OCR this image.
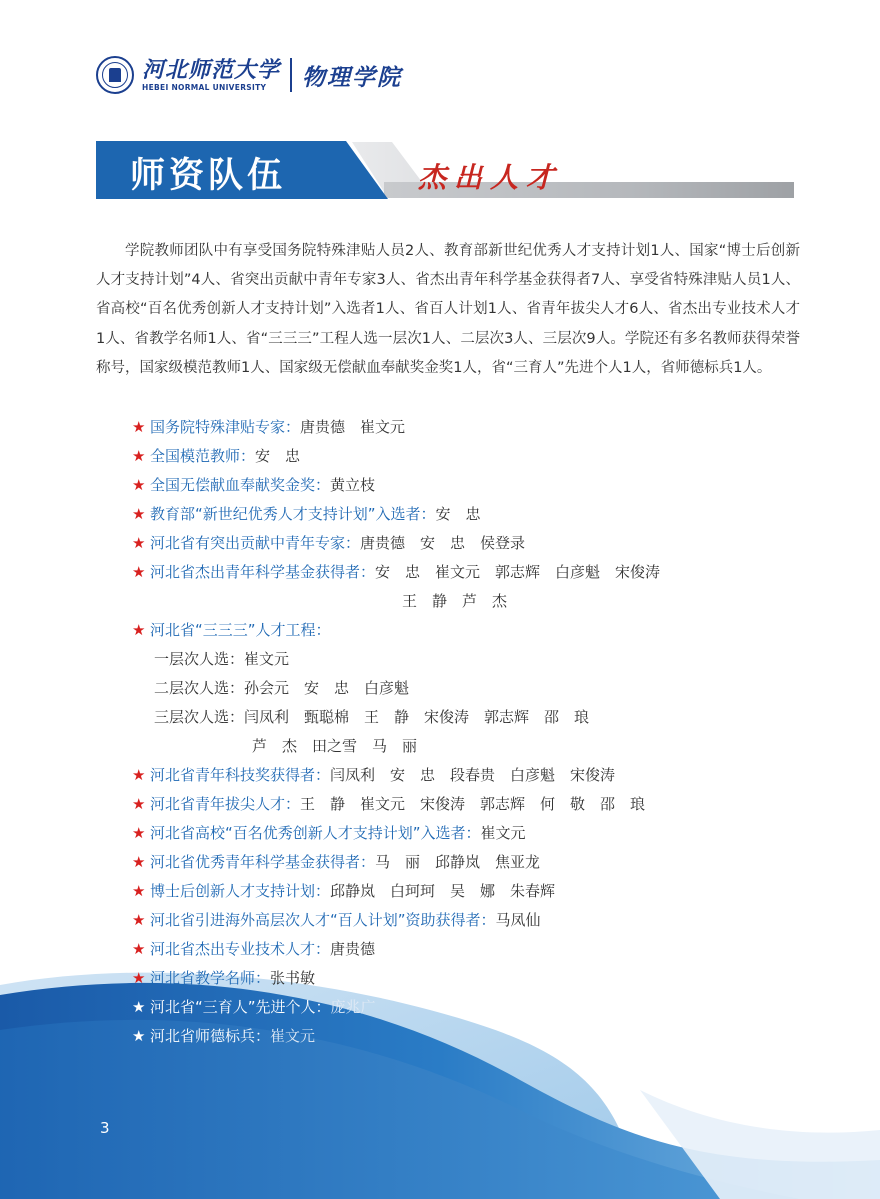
河北师范大学
HEBEI NORMAL UNIVERSITY	物理学院
师资队伍	杰出人才

学院教师团队中有享受国务院特殊津贴人员2人、教育部新世纪优秀人才支持计划1人、国家“博士后创新人才支持计划”4人、省突出贡献中青年专家3人、省杰出青年科学基金获得者7人、享受省特殊津贴人员1人、省高校“百名优秀创新人才支持计划”入选者1人、省百人计划1人、省青年拔尖人才6人、省杰出专业技术人才 1人、省教学名师1人、省“三三三”工程人选一层次1人、二层次3人、三层次9人。学院还有多名教师获得荣誉称号，国家级模范教师1人、国家级无偿献血奉献奖金奖1人，省“三育人”先进个人1人，省师德标兵1人。

★ 国务院特殊津贴专家： 唐贵德　崔文元
★ 全国模范教师： 安　忠
★ 全国无偿献血奉献奖金奖： 黄立枝
★ 教育部“新世纪优秀人才支持计划”入选者： 安　忠
★ 河北省有突出贡献中青年专家： 唐贵德　安　忠　侯登录
★ 河北省杰出青年科学基金获得者： 安　忠　崔文元　郭志辉　白彦魁　宋俊涛
王　静　芦　杰
★ 河北省“三三三”人才工程：
一层次人选：崔文元
二层次人选：孙会元　安　忠　白彦魁
三层次人选：闫凤利　甄聪棉　王　静　宋俊涛　郭志辉　邵　琅
芦　杰　田之雪　马　丽
★ 河北省青年科技奖获得者： 闫凤利　安　忠　段春贵　白彦魁　宋俊涛
★ 河北省青年拔尖人才： 王　静　崔文元　宋俊涛　郭志辉　何　敬　邵　琅
★ 河北省高校“百名优秀创新人才支持计划”入选者： 崔文元
★ 河北省优秀青年科学基金获得者： 马　丽　邱静岚　焦亚龙
★ 博士后创新人才支持计划： 邱静岚　白珂珂　吴　娜　朱春辉
★ 河北省引进海外高层次人才“百人计划”资助获得者： 马凤仙
★ 河北省杰出专业技术人才： 唐贵德
★ 河北省教学名师： 张书敏
★ 河北省“三育人”先进个人： 庞兆广
★ 河北省师德标兵： 崔文元
3
